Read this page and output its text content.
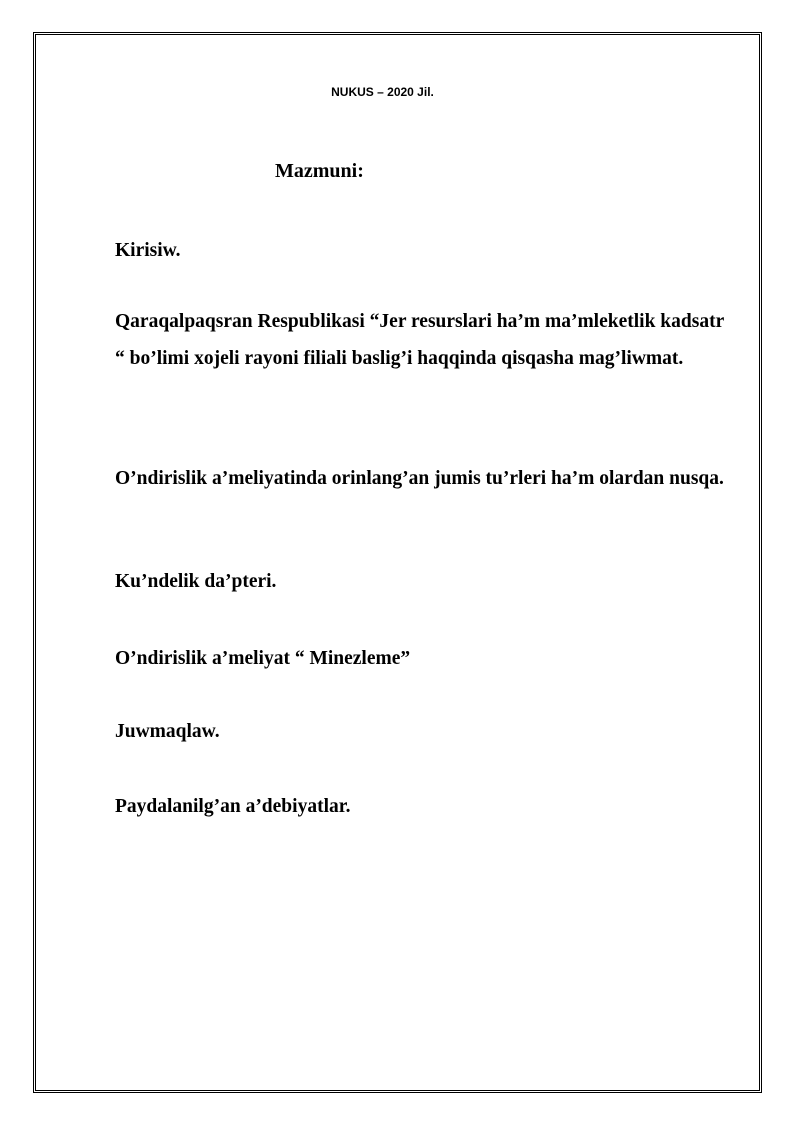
NUKUS – 2020 Jil.
Mazmuni:

Kirisiw.

Qaraqalpaqsran Respublikasi “Jer resurslari ha’m ma’mleketlik kadsatr “ bo’limi xojeli rayoni filiali baslig’i haqqinda qisqasha mag’liwmat.

O’ndirislik a’meliyatinda orinlang’an jumis tu’rleri ha’m olardan nusqa.

Ku’ndelik da’pteri.

O’ndirislik a’meliyat “ Minezleme”

Juwmaqlaw.

Paydalanilg’an a’debiyatlar.
